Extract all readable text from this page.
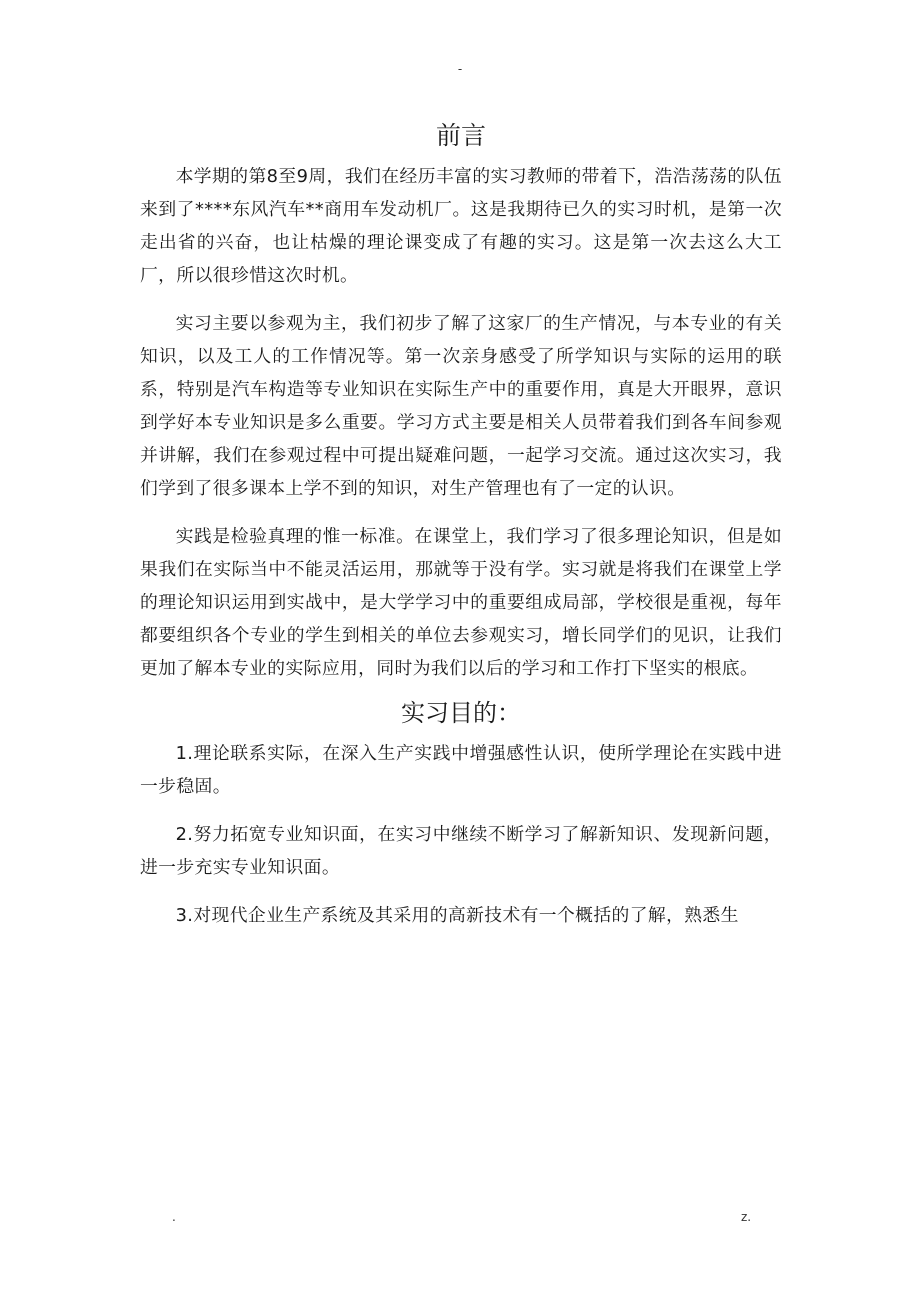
-
前言

本学期的第8至9周，我们在经历丰富的实习教师的带着下，浩浩荡荡的队伍来到了****东风汽车**商用车发动机厂。这是我期待已久的实习时机，是第一次走出省的兴奋，也让枯燥的理论课变成了有趣的实习。这是第一次去这么大工厂，所以很珍惜这次时机。

实习主要以参观为主，我们初步了解了这家厂的生产情况，与本专业的有关知识，以及工人的工作情况等。第一次亲身感受了所学知识与实际的运用的联系，特别是汽车构造等专业知识在实际生产中的重要作用，真是大开眼界，意识到学好本专业知识是多么重要。学习方式主要是相关人员带着我们到各车间参观并讲解，我们在参观过程中可提出疑难问题，一起学习交流。通过这次实习，我们学到了很多课本上学不到的知识，对生产管理也有了一定的认识。

实践是检验真理的惟一标准。在课堂上，我们学习了很多理论知识，但是如果我们在实际当中不能灵活运用，那就等于没有学。实习就是将我们在课堂上学的理论知识运用到实战中，是大学学习中的重要组成局部，学校很是重视，每年都要组织各个专业的学生到相关的单位去参观实习，增长同学们的见识，让我们更加了解本专业的实际应用，同时为我们以后的学习和工作打下坚实的根底。

实习目的：

1.理论联系实际，在深入生产实践中增强感性认识，使所学理论在实践中进一步稳固。

2.努力拓宽专业知识面，在实习中继续不断学习了解新知识、发现新问题，进一步充实专业知识面。

3.对现代企业生产系统及其采用的高新技术有一个概括的了解，熟悉生

.	z.
